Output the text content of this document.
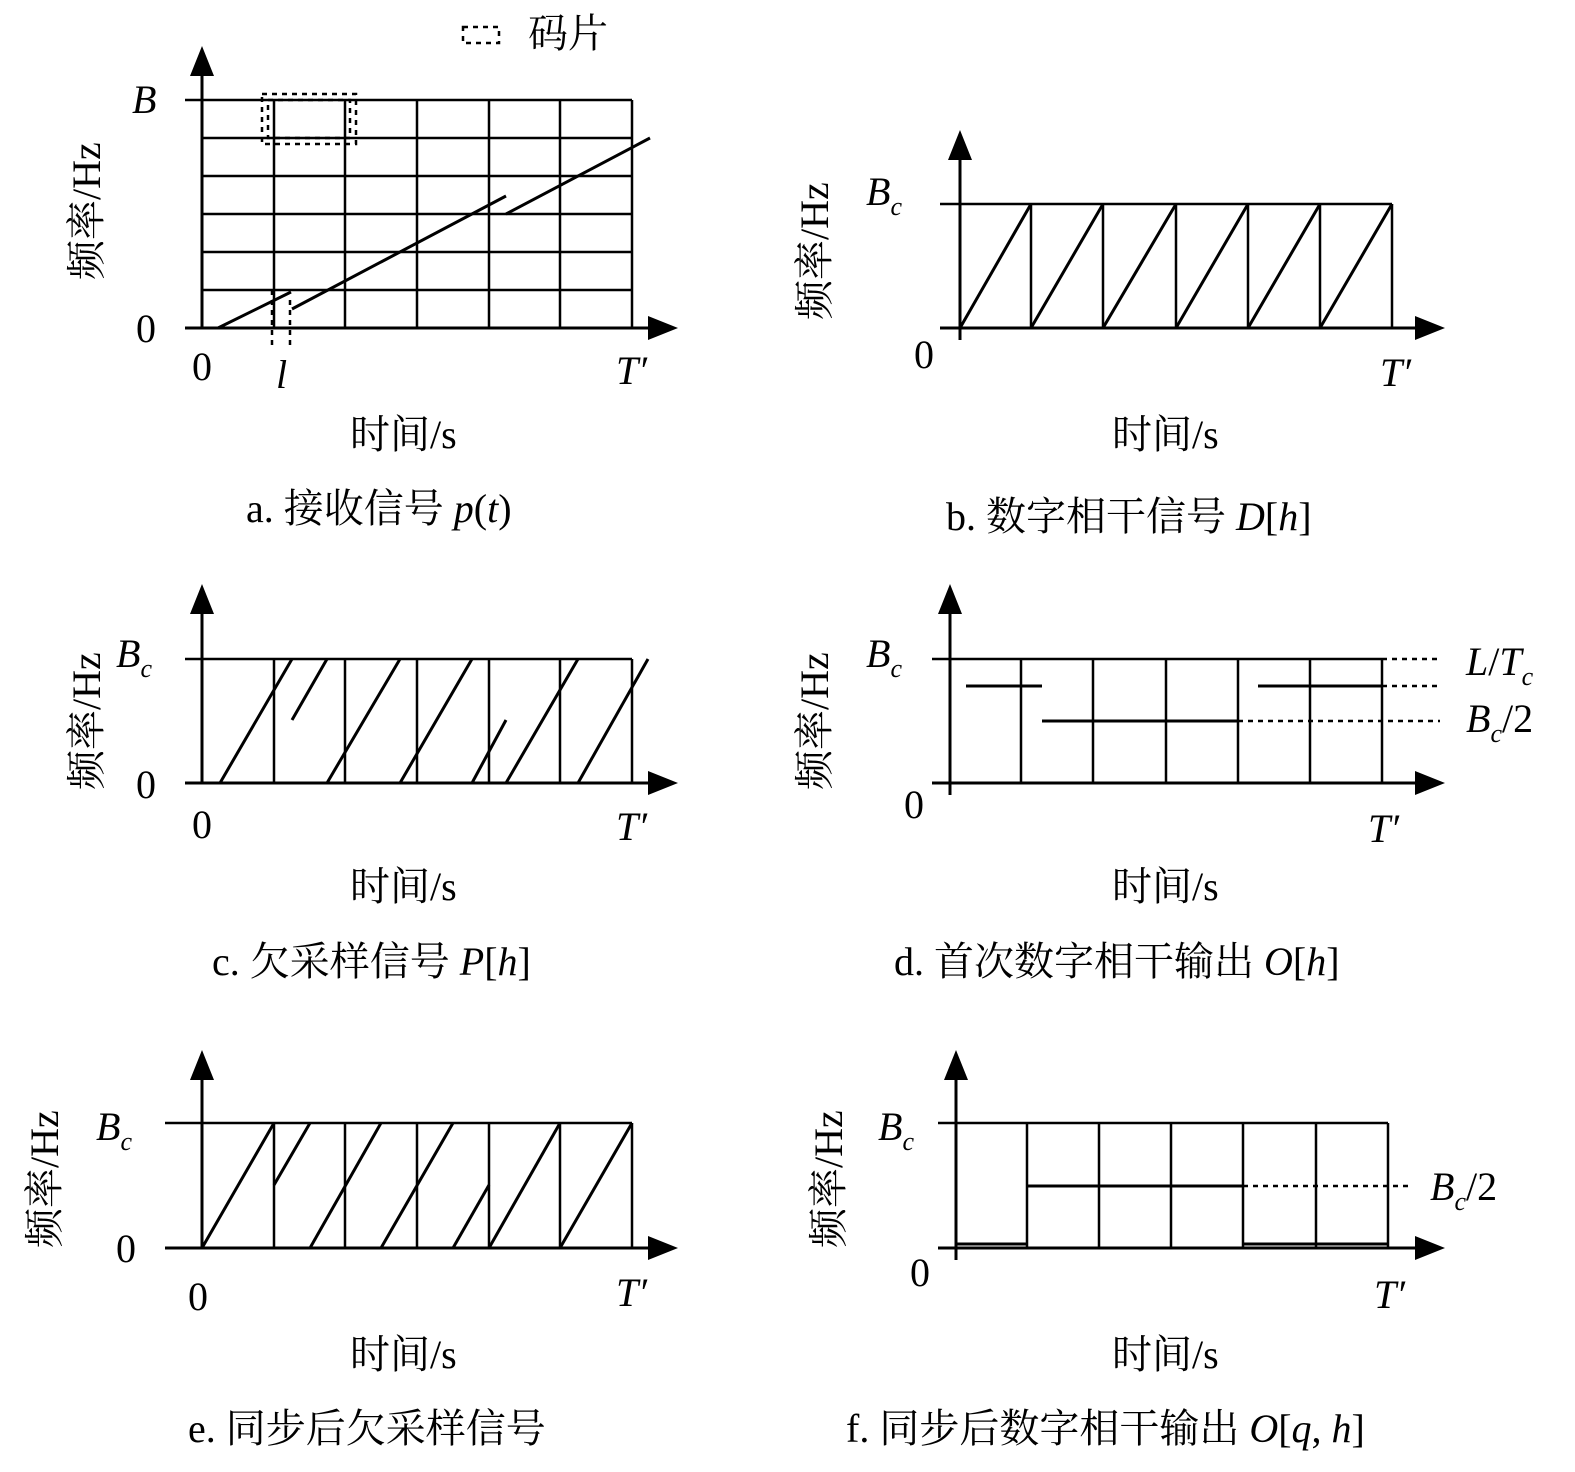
码片
B
0
0 l	T′
频率/Hz
时间/s
a. 接收信号 p(t)
$B_c$
0	T′
频率/Hz
时间/s
b. 数字相干信号 D[h]
$B_c$
0
0	T′
频率/Hz
时间/s
c. 欠采样信号 P[h]
$B_c$
0
T′
$L/T_c$
$B_c/2$
频率/Hz
时间/s
d. 首次数字相干输出 O[h]
$B_c$
0
0	T′
频率/Hz
时间/s
e. 同步后欠采样信号
$B_c$
0	T′
$B_c/2$
频率/Hz
时间/s
f. 同步后数字相干输出 O[q, h]
